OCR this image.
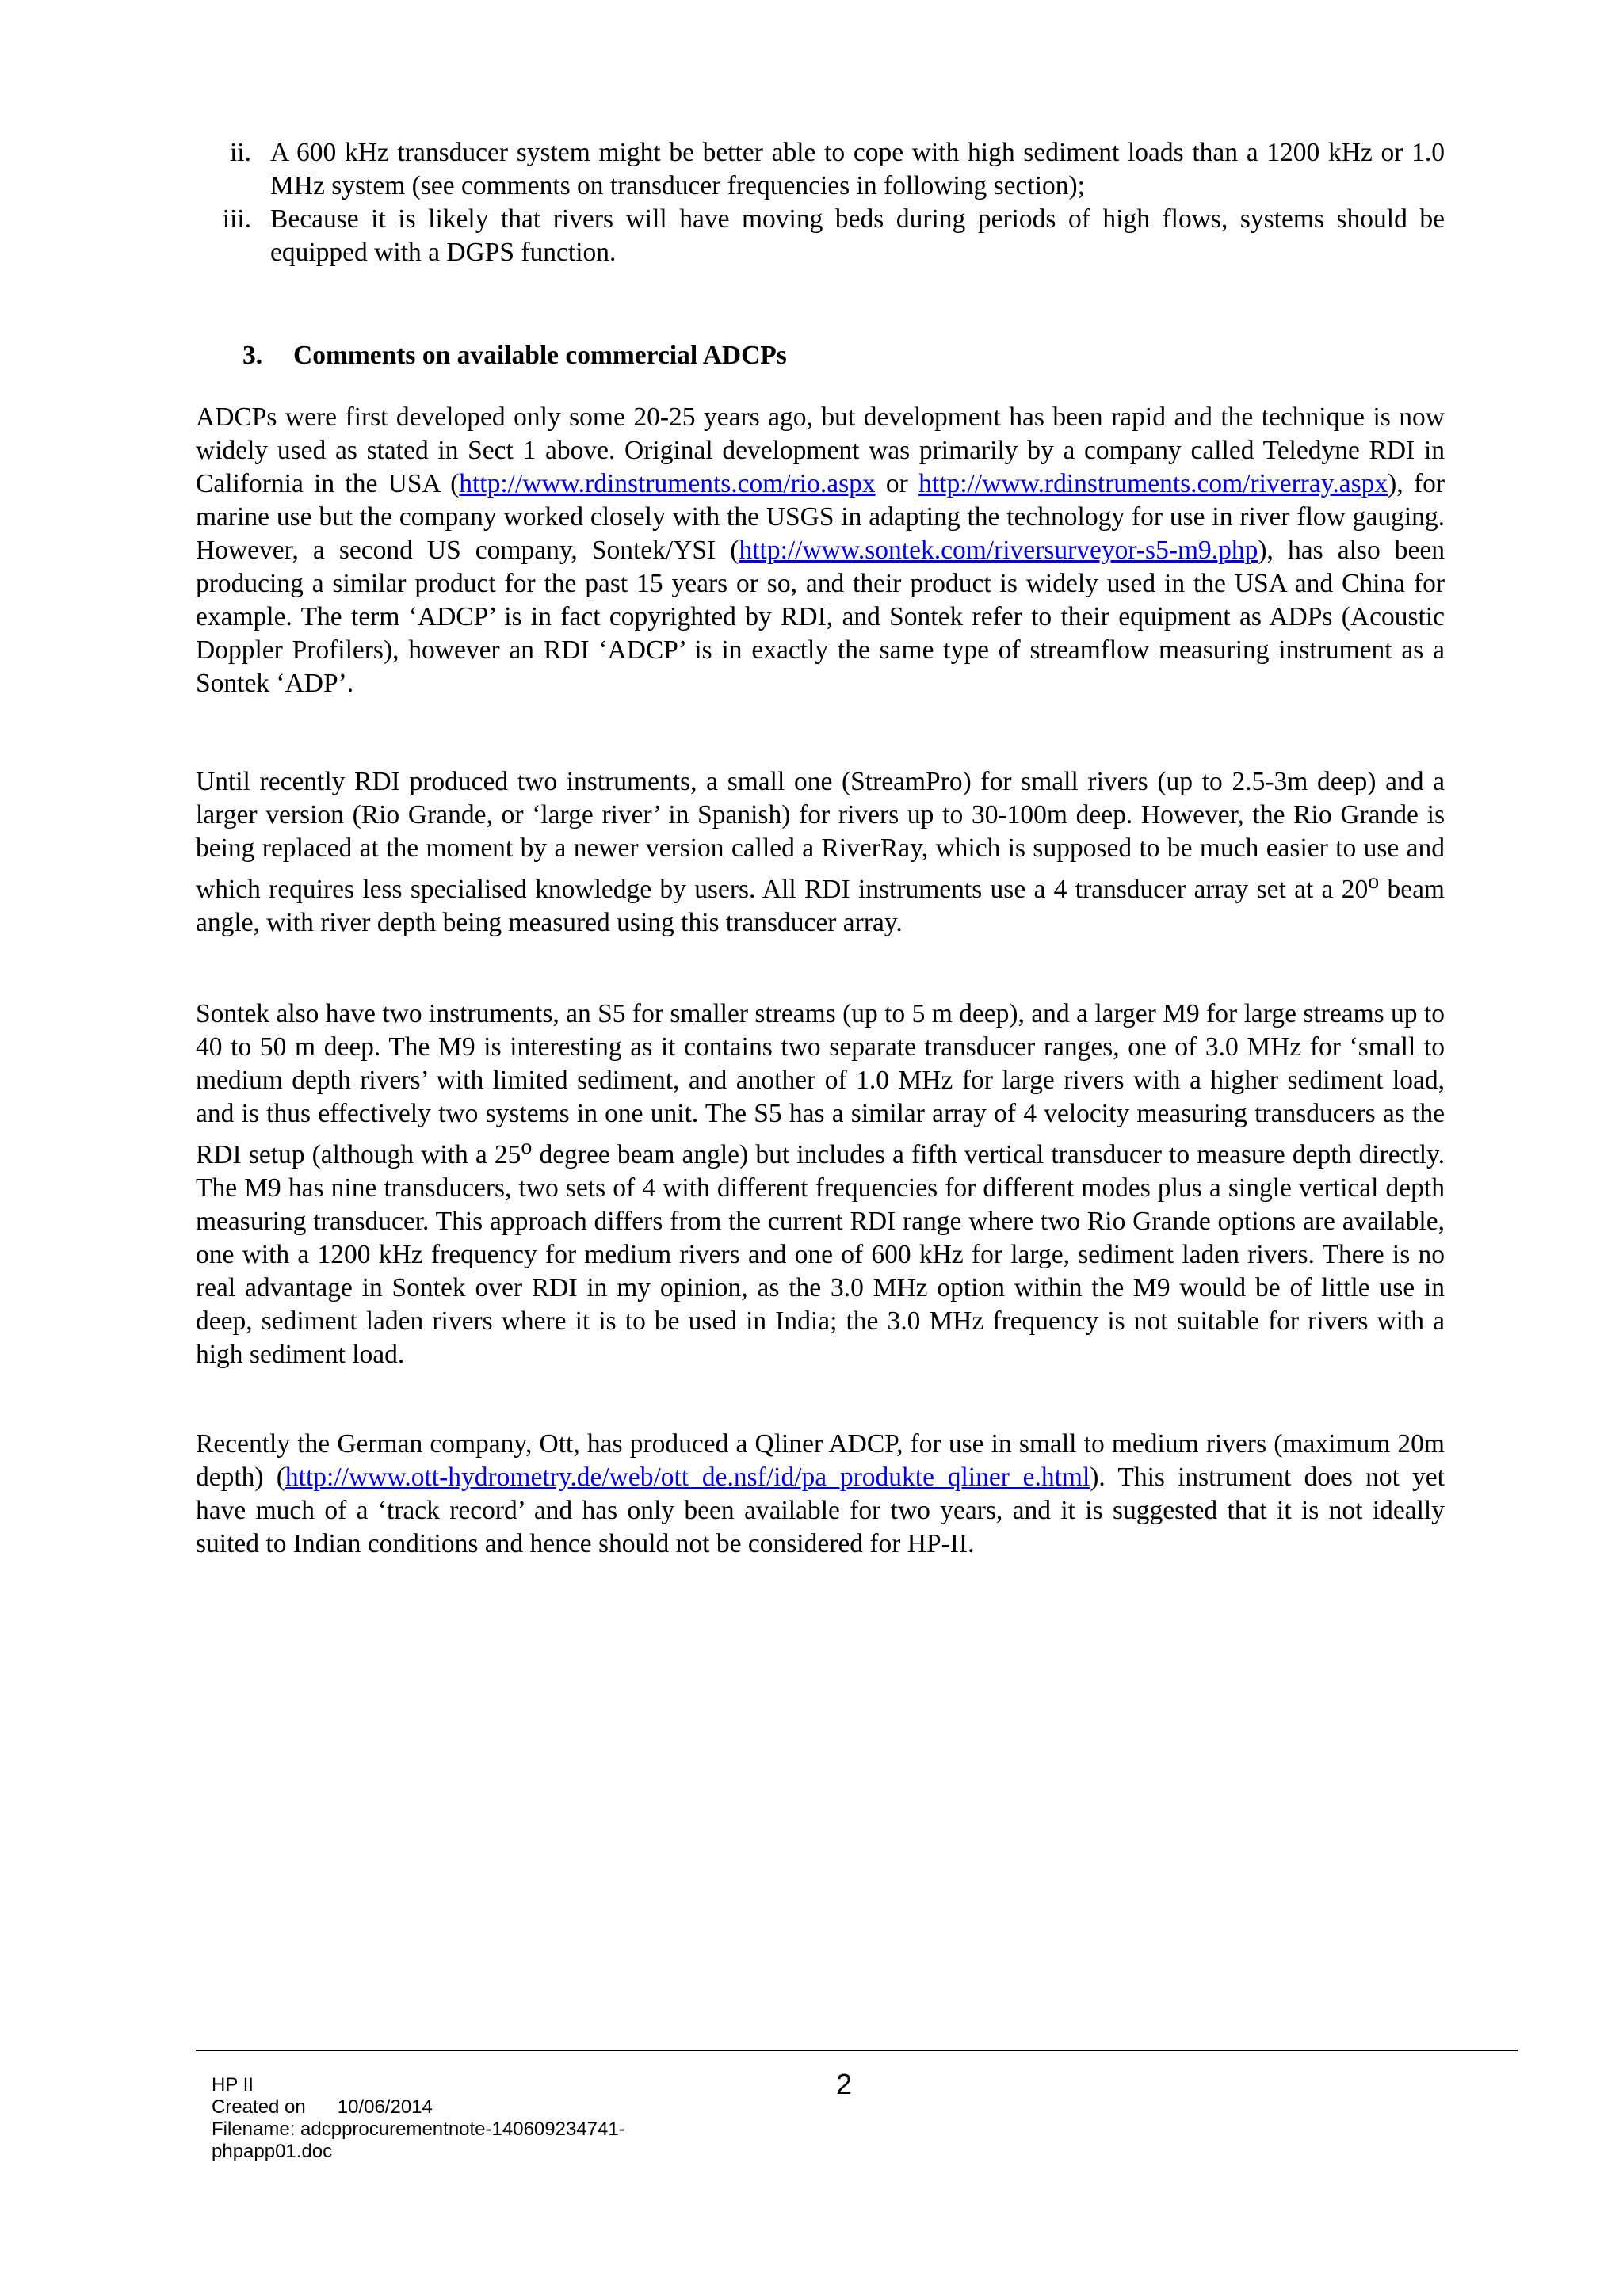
ii. A 600 kHz transducer system might be better able to cope with high sediment loads than a 1200 kHz or 1.0 MHz system (see comments on transducer frequencies in following section);

iii. Because it is likely that rivers will have moving beds during periods of high flows, systems should be equipped with a DGPS function.

3. Comments on available commercial ADCPs

ADCPs were first developed only some 20-25 years ago, but development has been rapid and the technique is now widely used as stated in Sect 1 above. Original development was primarily by a company called Teledyne RDI in California in the USA (http://www.rdinstruments.com/rio.aspx or http://www.rdinstruments.com/riverray.aspx), for marine use but the company worked closely with the USGS in adapting the technology for use in river flow gauging. However, a second US company, Sontek/YSI (http://www.sontek.com/riversurveyor-s5-m9.php), has also been producing a similar product for the past 15 years or so, and their product is widely used in the USA and China for example. The term ‘ADCP’ is in fact copyrighted by RDI, and Sontek refer to their equipment as ADPs (Acoustic Doppler Profilers), however an RDI ‘ADCP’ is in exactly the same type of streamflow measuring instrument as a Sontek ‘ADP’.

Until recently RDI produced two instruments, a small one (StreamPro) for small rivers (up to 2.5-3m deep) and a larger version (Rio Grande, or ‘large river’ in Spanish) for rivers up to 30-100m deep. However, the Rio Grande is being replaced at the moment by a newer version called a RiverRay, which is supposed to be much easier to use and which requires less specialised knowledge by users. All RDI instruments use a 4 transducer array set at a 20$^o$ beam angle, with river depth being measured using this transducer array.

Sontek also have two instruments, an S5 for smaller streams (up to 5 m deep), and a larger M9 for large streams up to 40 to 50 m deep. The M9 is interesting as it contains two separate transducer ranges, one of 3.0 MHz for ‘small to medium depth rivers’ with limited sediment, and another of 1.0 MHz for large rivers with a higher sediment load, and is thus effectively two systems in one unit. The S5 has a similar array of 4 velocity measuring transducers as the RDI setup (although with a 25$^o$ degree beam angle) but includes a fifth vertical transducer to measure depth directly. The M9 has nine transducers, two sets of 4 with different frequencies for different modes plus a single vertical depth measuring transducer. This approach differs from the current RDI range where two Rio Grande options are available, one with a 1200 kHz frequency for medium rivers and one of 600 kHz for large, sediment laden rivers. There is no real advantage in Sontek over RDI in my opinion, as the 3.0 MHz option within the M9 would be of little use in deep, sediment laden rivers where it is to be used in India; the 3.0 MHz frequency is not suitable for rivers with a high sediment load.

Recently the German company, Ott, has produced a Qliner ADCP, for use in small to medium rivers (maximum 20m depth) (http://www.ott-hydrometry.de/web/ott_de.nsf/id/pa_produkte_qliner_e.html). This instrument does not yet have much of a ‘track record’ and has only been available for two years, and it is suggested that it is not ideally suited to Indian conditions and hence should not be considered for HP-II.

HP II
Created on 10/06/2014
Filename: adcpprocurementnote-140609234741-
phpapp01.doc
2
